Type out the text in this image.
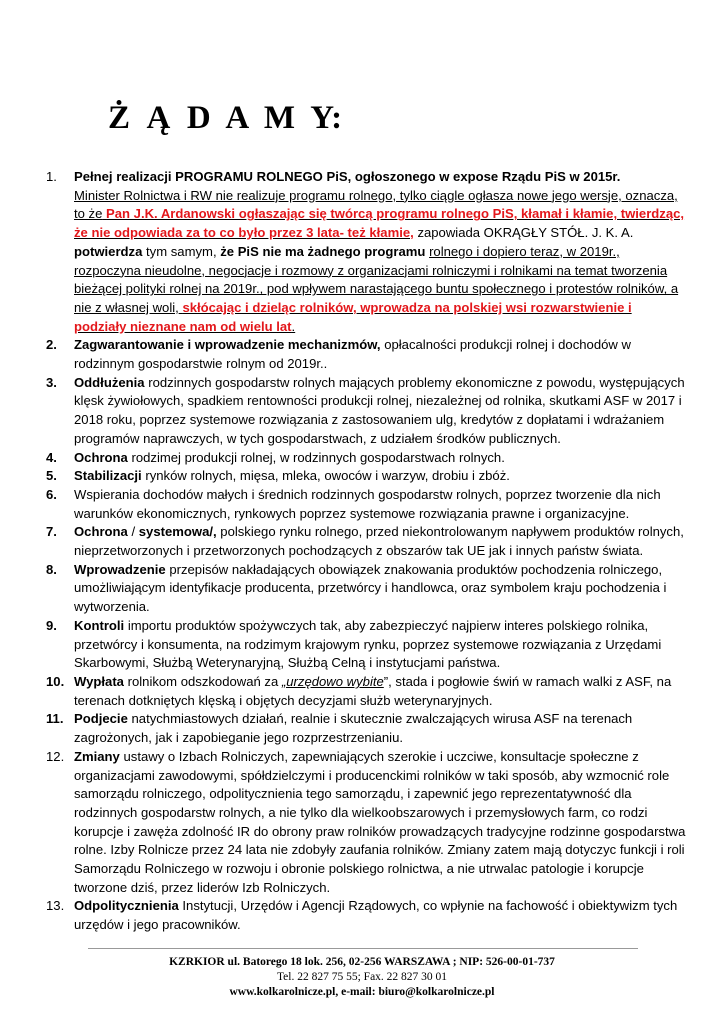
Ż  Ą  D  A  M  Y:
1.	Pełnej realizacji PROGRAMU ROLNEGO PiS, ogłoszonego w expose Rządu PiS w 2015r.
Minister Rolnictwa i RW nie realizuje programu rolnego, tylko ciągle ogłasza nowe jego wersje, oznacza, to że Pan J.K. Ardanowski ogłaszając się twórcą programu rolnego PiS, kłamał i kłamie, twierdząc, że nie odpowiada za to co było przez 3 lata- też kłamie, zapowiada OKRĄGŁY STÓŁ. J. K. A. potwierdza tym samym, że PiS nie ma żadnego programu rolnego i dopiero teraz, w 2019r., rozpoczyna nieudolne, negocjacje i rozmowy z organizacjami rolniczymi i rolnikami na temat tworzenia bieżącej polityki rolnej na 2019r., pod wpływem narastającego buntu społecznego i protestów rolników, a nie z własnej woli, skłócając i dzieląc rolników, wprowadza na polskiej wsi rozwarstwienie i podziały nieznane nam od wielu lat.
2.	Zagwarantowanie i wprowadzenie mechanizmów, opłacalności produkcji rolnej i dochodów w rodzinnym gospodarstwie rolnym od 2019r..
3.	Oddłużenia rodzinnych gospodarstw rolnych mających problemy ekonomiczne z powodu, występujących klęsk żywiołowych, spadkiem rentowności produkcji rolnej, niezależnej od rolnika, skutkami ASF w 2017 i 2018 roku, poprzez systemowe rozwiązania z zastosowaniem ulg, kredytów z dopłatami i wdrażaniem programów naprawczych, w tych gospodarstwach, z udziałem środków publicznych.
4.	Ochrona rodzimej produkcji rolnej, w rodzinnych gospodarstwach rolnych.
5.	Stabilizacji rynków rolnych, mięsa, mleka, owoców i warzyw, drobiu i zbóż.
6.	Wspierania dochodów małych i średnich rodzinnych gospodarstw rolnych, poprzez tworzenie dla nich warunków ekonomicznych, rynkowych poprzez systemowe rozwiązania prawne i organizacyjne.
7.	Ochrona / systemowa/, polskiego rynku rolnego, przed niekontrolowanym napływem produktów rolnych, nieprzetworzonych i przetworzonych pochodzących z obszarów tak UE jak i innych państw świata.
8.	Wprowadzenie przepisów nakładających obowiązek znakowania produktów pochodzenia rolniczego, umożliwiającym identyfikacje producenta, przetwórcy i handlowca, oraz symbolem kraju pochodzenia i wytworzenia.
9.	Kontroli importu produktów spożywczych tak, aby zabezpieczyć najpierw interes polskiego rolnika, przetwórcy i konsumenta, na rodzimym krajowym rynku, poprzez systemowe rozwiązania z Urzędami Skarbowymi, Służbą Weterynaryjną, Służbą Celną i instytucjami państwa.
10. Wypłata rolnikom odszkodowań za „urzędowo wybite”, stada i pogłowie świń w ramach walki z ASF, na terenach dotkniętych klęską i objętych decyzjami służb weterynaryjnych.
11. Podjecie natychmiastowych działań, realnie i skutecznie zwalczających wirusa ASF na terenach zagrożonych, jak i zapobieganie jego rozprzestrzenianiu.
12. Zmiany ustawy o Izbach Rolniczych, zapewniających szerokie i uczciwe, konsultacje społeczne z organizacjami zawodowymi, spółdzielczymi i producenckimi rolników w taki sposób, aby wzmocnić role samorządu rolniczego, odpolitycznienia tego samorządu, i zapewnić jego reprezentatywność dla rodzinnych gospodarstw rolnych, a nie tylko dla wielkoobszarowych i przemysłowych farm, co rodzi korupcje i zawęża zdolność IR do obrony praw rolników prowadzących tradycyjne rodzinne gospodarstwa rolne. Izby Rolnicze przez 24 lata nie zdobyły zaufania rolników. Zmiany zatem mają dotyczyc funkcji i roli Samorządu Rolniczego w rozwoju i obronie polskiego rolnictwa, a nie utrwalac patologie i korupcje tworzone dziś, przez liderów Izb Rolniczych.
13. Odpolitycznienia Instytucji, Urzędów i Agencji Rządowych, co wpłynie na fachowość i obiektywizm tych urzędów i jego pracowników.
KZRKIOR ul. Batorego 18 lok. 256, 02-256 WARSZAWA ; NIP: 526-00-01-737
Tel. 22 827 75 55; Fax. 22 827 30 01
www.kolkarolnicze.pl, e-mail: biuro@kolkarolnicze.pl
